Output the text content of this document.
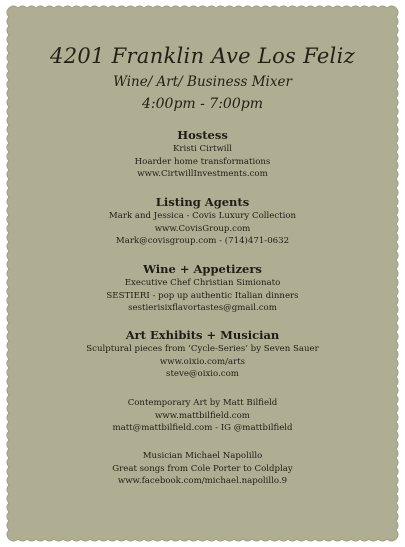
4201 Franklin Ave Los Feliz
Wine/ Art/ Business Mixer
4:00pm - 7:00pm
Hostess
Kristi Cirtwill
Hoarder home transformations
www.CirtwillInvestments.com
Listing Agents
Mark and Jessica - Covis Luxury Collection
www.CovisGroup.com
Mark@covisgroup.com - (714)471-0632
Wine + Appetizers
Executive Chef Christian Simionato
SESTIERI - pop up authentic Italian dinners
sestierisixflavortastes@gmail.com
Art Exhibits + Musician
Sculptural pieces from ‘Cycle-Series’ by Seven Sauer
www.oixio.com/arts
steve@oixio.com
Contemporary Art by Matt Bilfield
www.mattbilfield.com
matt@mattbilfield.com - IG @mattbilfield
Musician Michael Napolillo
Great songs from Cole Porter to Coldplay
www.facebook.com/michael.napolillo.9
